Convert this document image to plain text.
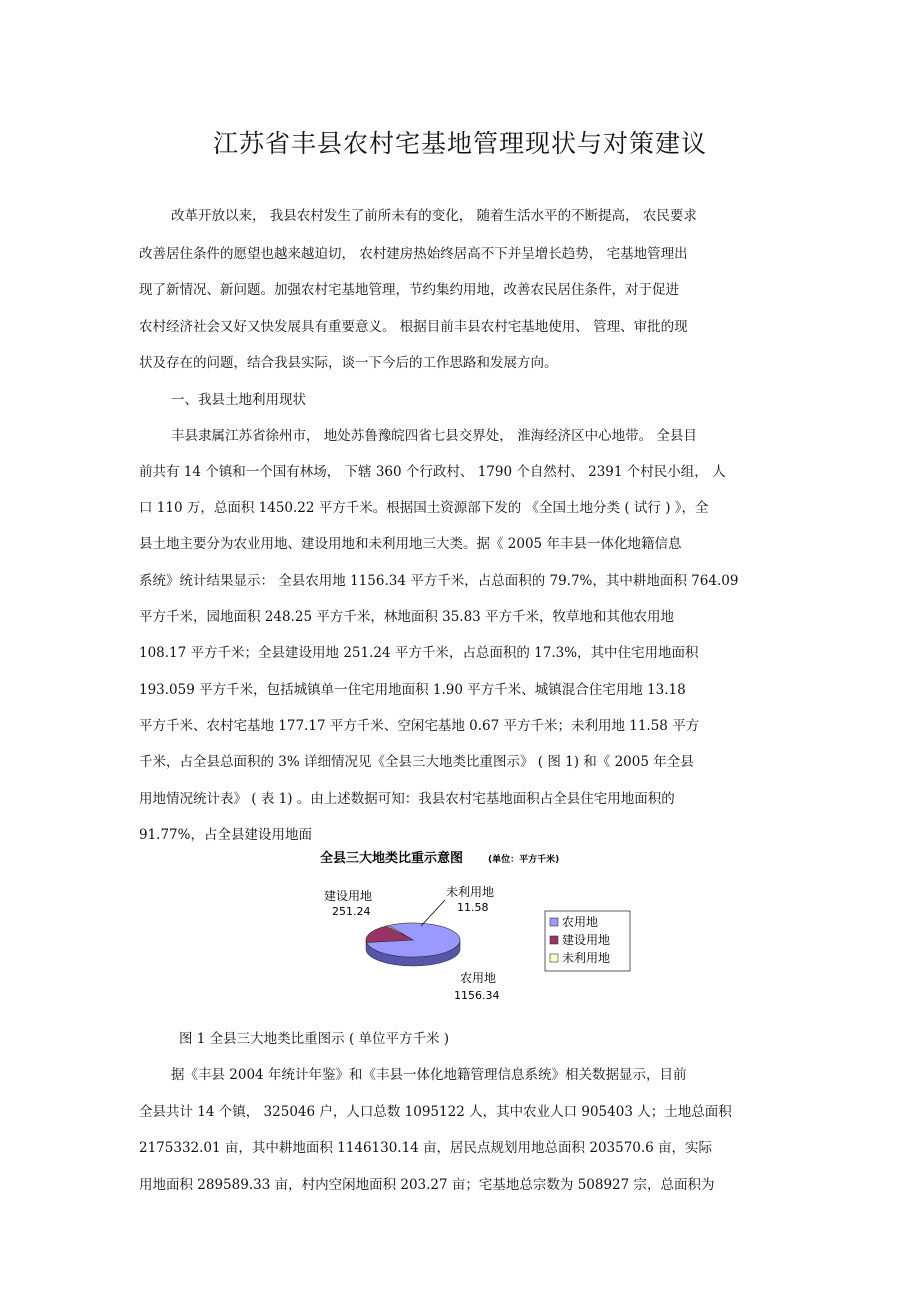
江苏省丰县农村宅基地管理现状与对策建议
改革开放以来， 我县农村发生了前所未有的变化， 随着生活水平的不断提高， 农民要求
改善居住条件的愿望也越来越迫切， 农村建房热始终居高不下并呈增长趋势， 宅基地管理出
现了新情况、新问题。加强农村宅基地管理，节约集约用地，改善农民居住条件，对于促进
农村经济社会又好又快发展具有重要意义。 根据目前丰县农村宅基地使用、 管理、审批的现
状及存在的问题，结合我县实际，谈一下今后的工作思路和发展方向。
一、我县土地利用现状
丰县隶属江苏省徐州市， 地处苏鲁豫皖四省七县交界处， 淮海经济区中心地带。 全县目
前共有 14 个镇和一个国有林场， 下辖 360 个行政村、 1790 个自然村、 2391 个村民小组， 人
口 110 万，总面积 1450.22 平方千米。根据国土资源部下发的 《全国土地分类 ( 试行 ) 》，全
县土地主要分为农业用地、建设用地和未利用地三大类。据《 2005 年丰县一体化地籍信息
系统》统计结果显示： 全县农用地 1156.34 平方千米，占总面积的 79.7%，其中耕地面积 764.09
平方千米，园地面积 248.25 平方千米，林地面积 35.83 平方千米，牧草地和其他农用地
108.17 平方千米；全县建设用地 251.24 平方千米，占总面积的 17.3%，其中住宅用地面积
193.059 平方千米，包括城镇单一住宅用地面积 1.90 平方千米、城镇混合住宅用地 13.18
平方千米、农村宅基地 177.17 平方千米、空闲宅基地 0.67 平方千米；未利用地 11.58 平方
千米，占全县总面积的 3% 详细情况见《全县三大地类比重图示》 ( 图 1) 和《 2005 年全县
用地情况统计表》 ( 表 1) 。由上述数据可知：我县农村宅基地面积占全县住宅用地面积的
91.77%，占全县建设用地面
全县三大地类比重示意图	(单位：平方千米)
建设用地
251.24
未利用地
11.58
农用地
1156.34
农用地
建设用地
未利用地
图 1 全县三大地类比重图示 ( 单位平方千米 )
据《丰县 2004 年统计年鉴》和《丰县一体化地籍管理信息系统》相关数据显示，目前
全县共计 14 个镇， 325046 户，人口总数 1095122 人，其中农业人口 905403 人；土地总面积
2175332.01 亩，其中耕地面积 1146130.14 亩，居民点规划用地总面积 203570.6 亩，实际
用地面积 289589.33 亩，村内空闲地面积 203.27 亩；宅基地总宗数为 508927 宗，总面积为
